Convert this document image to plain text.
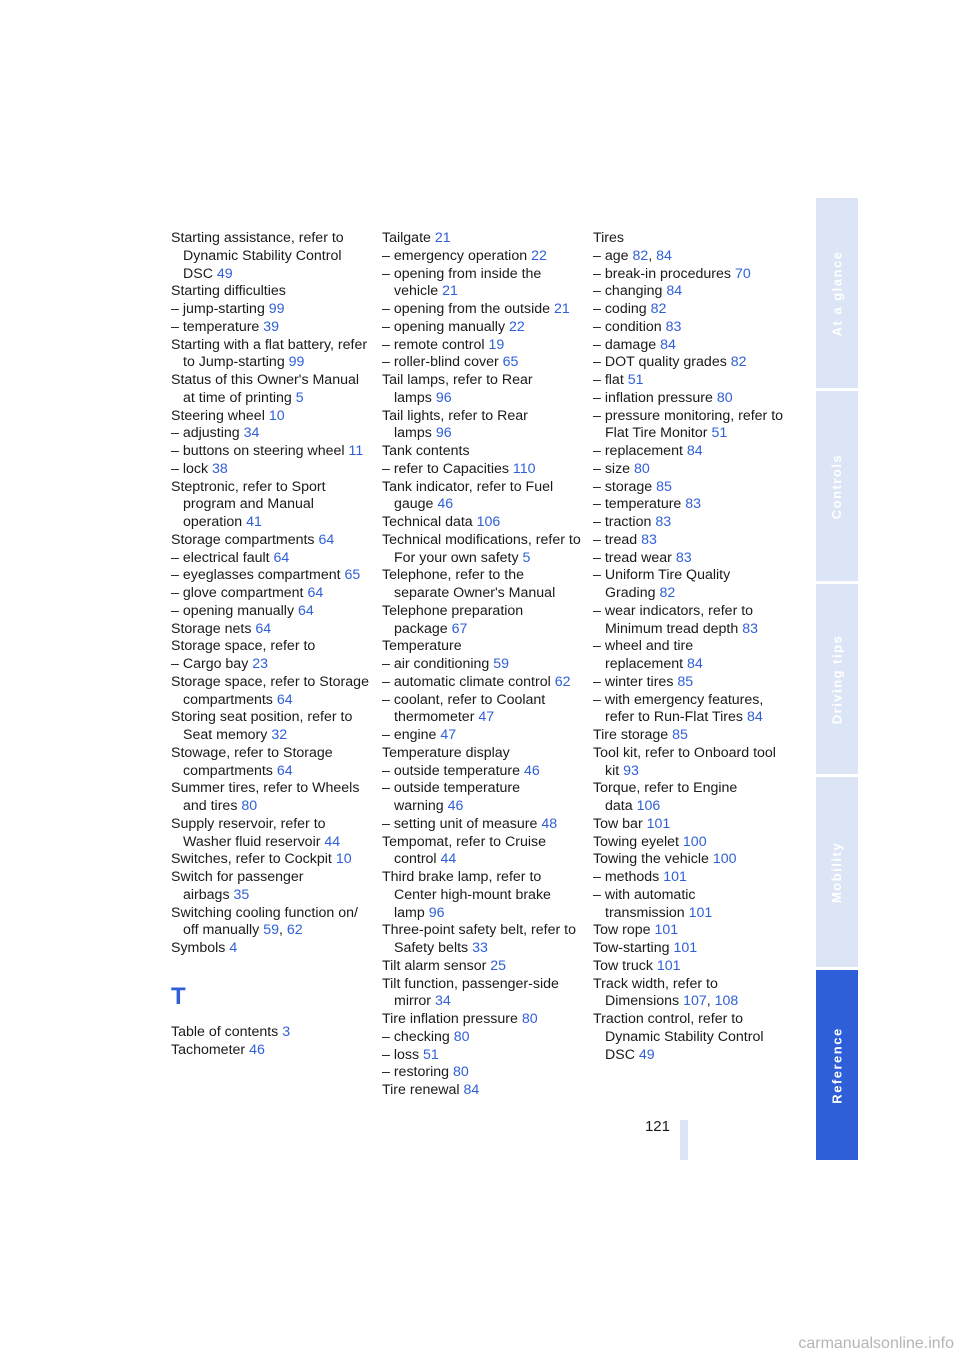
Starting assistance, refer to Dynamic Stability Control DSC 49
Starting difficulties
– jump-starting 99
– temperature 39
Starting with a flat battery, refer to Jump-starting 99
Status of this Owner's Manual at time of printing 5
Steering wheel 10
– adjusting 34
– buttons on steering wheel 11
– lock 38
Steptronic, refer to Sport program and Manual operation 41
Storage compartments 64
– electrical fault 64
– eyeglasses compartment 65
– glove compartment 64
– opening manually 64
Storage nets 64
Storage space, refer to
– Cargo bay 23
Storage space, refer to Storage compartments 64
Storing seat position, refer to Seat memory 32
Stowage, refer to Storage compartments 64
Summer tires, refer to Wheels and tires 80
Supply reservoir, refer to Washer fluid reservoir 44
Switches, refer to Cockpit 10
Switch for passenger airbags 35
Switching cooling function on/ off manually 59, 62
Symbols 4
T
Table of contents 3
Tachometer 46
Tailgate 21
– emergency operation 22
– opening from inside the vehicle 21
– opening from the outside 21
– opening manually 22
– remote control 19
– roller-blind cover 65
Tail lamps, refer to Rear lamps 96
Tail lights, refer to Rear lamps 96
Tank contents
– refer to Capacities 110
Tank indicator, refer to Fuel gauge 46
Technical data 106
Technical modifications, refer to For your own safety 5
Telephone, refer to the separate Owner's Manual
Telephone preparation package 67
Temperature
– air conditioning 59
– automatic climate control 62
– coolant, refer to Coolant thermometer 47
– engine 47
Temperature display
– outside temperature 46
– outside temperature warning 46
– setting unit of measure 48
Tempomat, refer to Cruise control 44
Third brake lamp, refer to Center high-mount brake lamp 96
Three-point safety belt, refer to Safety belts 33
Tilt alarm sensor 25
Tilt function, passenger-side mirror 34
Tire inflation pressure 80
– checking 80
– loss 51
– restoring 80
Tire renewal 84
Tires
– age 82, 84
– break-in procedures 70
– changing 84
– coding 82
– condition 83
– damage 84
– DOT quality grades 82
– flat 51
– inflation pressure 80
– pressure monitoring, refer to Flat Tire Monitor 51
– replacement 84
– size 80
– storage 85
– temperature 83
– traction 83
– tread 83
– tread wear 83
– Uniform Tire Quality Grading 82
– wear indicators, refer to Minimum tread depth 83
– wheel and tire replacement 84
– winter tires 85
– with emergency features, refer to Run-Flat Tires 84
Tire storage 85
Tool kit, refer to Onboard tool kit 93
Torque, refer to Engine data 106
Tow bar 101
Towing eyelet 100
Towing the vehicle 100
– methods 101
– with automatic transmission 101
Tow rope 101
Tow-starting 101
Tow truck 101
Track width, refer to Dimensions 107, 108
Traction control, refer to Dynamic Stability Control DSC 49
121
At a glance
Controls
Driving tips
Mobility
Reference
carmanualsonline.info
